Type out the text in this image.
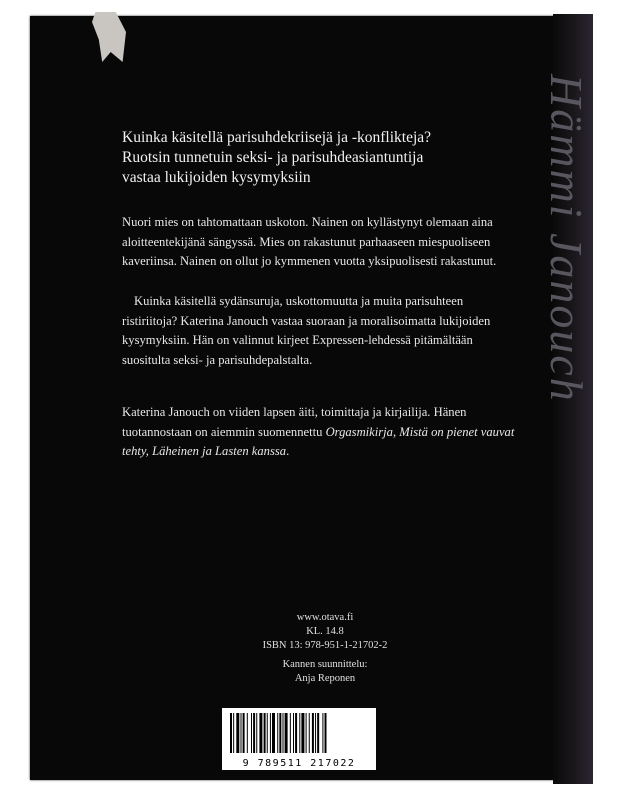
Hämmi Janouch
Kuinka käsitellä parisuhdekriisejä ja -konflikteja?
Ruotsin tunnetuin seksi- ja parisuhdeasiantuntija
vastaa lukijoiden kysymyksiin

Nuori mies on tahtomattaan uskoton. Nainen on kyllästynyt olemaan aina aloitteentekijänä sängyssä. Mies on rakastunut parhaaseen miespuoliseen kaveriinsa. Nainen on ollut jo kymmenen vuotta yksipuolisesti rakastunut.

Kuinka käsitellä sydänsuruja, uskottomuutta ja muita parisuhteen ristiriitoja? Katerina Janouch vastaa suoraan ja moralisoimatta lukijoiden kysymyksiin. Hän on valinnut kirjeet Expressen-lehdessä pitämältään suositulta seksi- ja parisuhdepalstalta.

Katerina Janouch on viiden lapsen äiti, toimittaja ja kirjailija. Hänen tuotannostaan on aiemmin suomennettu Orgasmikirja, Mistä on pienet vauvat tehty, Läheinen ja Lasten kanssa.

www.otava.fi
KL. 14.8
ISBN 13: 978-951-1-21702-2
Kannen suunnittelu:
Anja Reponen
9 789511 217022
